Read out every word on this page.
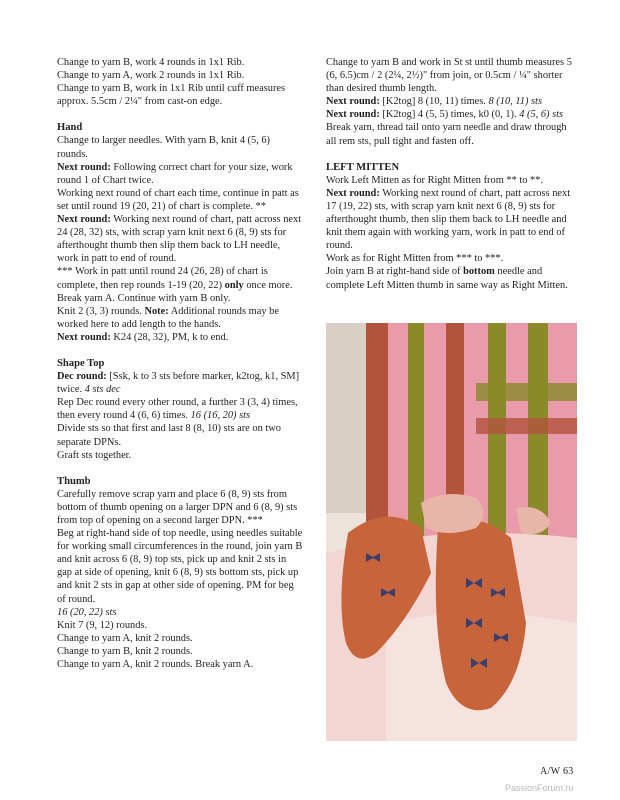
Change to yarn B, work 4 rounds in 1x1 Rib.

Change to yarn A, work 2 rounds in 1x1 Rib.

Change to yarn B, work in 1x1 Rib until cuff measures approx. 5.5cm / 2¼" from cast-on edge.

Hand

Change to larger needles. With yarn B, knit 4 (5, 6) rounds.

Next round: Following correct chart for your size, work round 1 of Chart twice.

Working next round of chart each time, continue in patt as set until round 19 (20, 21) of chart is complete. **

Next round: Working next round of chart, patt across next 24 (28, 32) sts, with scrap yarn knit next 6 (8, 9) sts for afterthought thumb then slip them back to LH needle, work in patt to end of round.

*** Work in patt until round 24 (26, 28) of chart is complete, then rep rounds 1-19 (20, 22) only once more. Break yarn A. Continue with yarn B only.

Knit 2 (3, 3) rounds. Note: Additional rounds may be worked here to add length to the hands.

Next round: K24 (28, 32), PM, k to end.

Shape Top

Dec round: [Ssk, k to 3 sts before marker, k2tog, k1, SM] twice. 4 sts dec

Rep Dec round every other round, a further 3 (3, 4) times, then every round 4 (6, 6) times. 16 (16, 20) sts

Divide sts so that first and last 8 (8, 10) sts are on two separate DPNs.

Graft sts together.

Thumb

Carefully remove scrap yarn and place 6 (8, 9) sts from bottom of thumb opening on a larger DPN and 6 (8, 9) sts from top of opening on a second larger DPN. ***

Beg at right-hand side of top needle, using needles suitable for working small circumferences in the round, join yarn B and knit across 6 (8, 9) top sts, pick up and knit 2 sts in gap at side of opening, knit 6 (8, 9) sts bottom sts, pick up and knit 2 sts in gap at other side of opening. PM for beg of round.

16 (20, 22) sts

Knit 7 (9, 12) rounds.

Change to yarn A, knit 2 rounds.

Change to yarn B, knit 2 rounds.

Change to yarn A, knit 2 rounds. Break yarn A.

Change to yarn B and work in St st until thumb measures 5 (6, 6.5)cm / 2 (2¼, 2½)" from join, or 0.5cm / ¼" shorter than desired thumb length.

Next round: [K2tog] 8 (10, 11) times. 8 (10, 11) sts

Next round: [K2tog] 4 (5, 5) times, k0 (0, 1). 4 (5, 6) sts

Break yarn, thread tail onto yarn needle and draw through all rem sts, pull tight and fasten off.

LEFT MITTEN

Work Left Mitten as for Right Mitten from ** to **.

Next round: Working next round of chart, patt across next 17 (19, 22) sts, with scrap yarn knit next 6 (8, 9) sts for afterthought thumb, then slip them back to LH needle and knit them again with working yarn, work in patt to end of round.

Work as for Right Mitten from *** to ***.

Join yarn B at right-hand side of bottom needle and complete Left Mitten thumb in same way as Right Mitten.

A/W 63
PassionForum.ru
